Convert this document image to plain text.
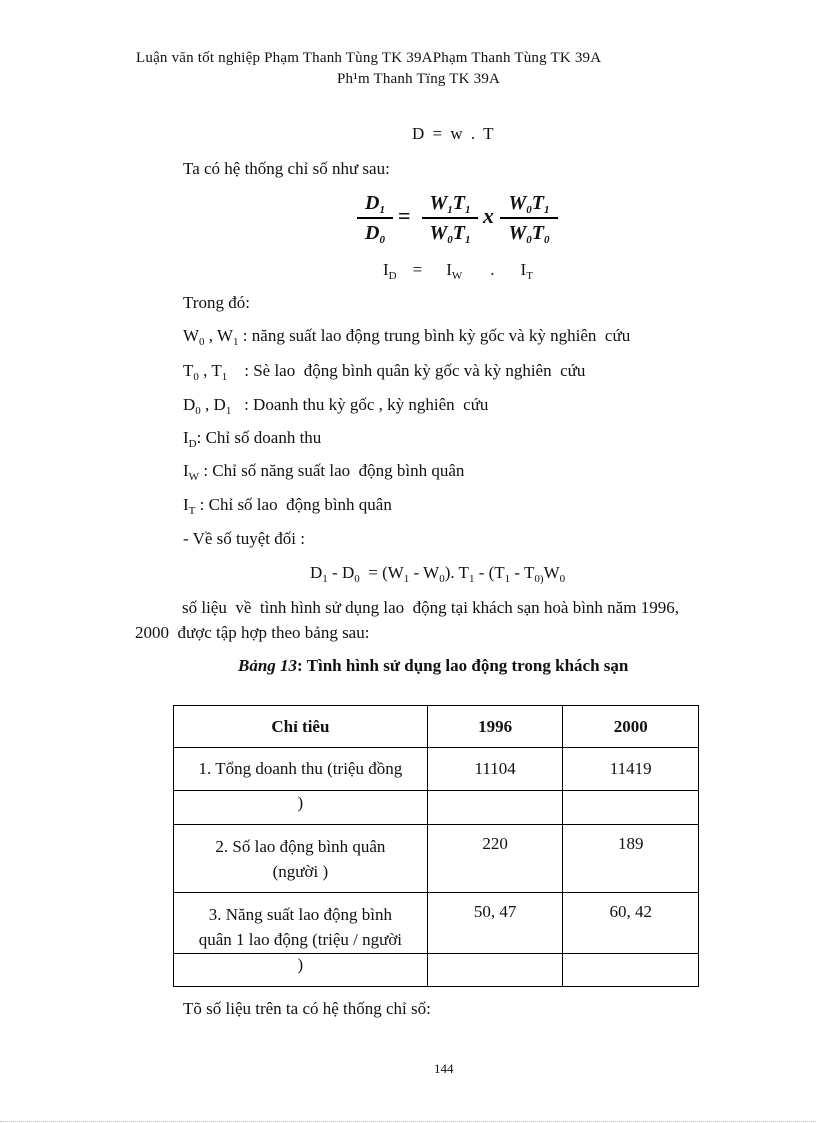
Luận văn tốt nghiệp Phạm Thanh Tùng TK 39APhạm Thanh Tùng TK 39A
Ph¹m Thanh Tïng TK 39A
D = w . T
Ta có hệ thống chỉ số như sau:
$D_1$
$D_0$
= $W_1T_1$
$W_0T_1$
x $W_0T_1$
$W_0T_0$
$I_D = I_W$ . $I_T$
Trong đó:
$W_0$ , $W_1$ : năng suất lao động trung bình kỳ gốc và kỳ nghiên  cứu
$T_0$ , $T_1$    : Sè lao  động bình quân kỳ gốc và kỳ nghiên  cứu
$D_0$ , $D_1$   : Doanh thu kỳ gốc , kỳ nghiên  cứu
$I_D$: Chỉ số doanh thu
$I_W$ : Chỉ số năng suất lao  động bình quân
$I_T$ : Chỉ số lao  động bình quân
- Về số tuyệt đối :
$D_1 - D_0 = (W_1 - W_0)$. $T_1 - (T_1 - T_{0)}W_0$
số liệu  về  tình hình sử dụng lao  động tại khách sạn hoà bình năm 1996,
2000  được tập hợp theo bảng sau:
Bảng 13: Tình hình sử dụng lao động trong khách sạn
Chỉ tiêu	1996	2000
1. Tổng doanh thu (triệu đồng	11104	11419
)		
2. Số lao động bình quân
(người )	220	189
3. Năng suất lao động bình
quân 1 lao động (triệu / người	50, 47	60, 42
)		
Tõ số liệu trên ta có hệ thống chỉ số:
144
